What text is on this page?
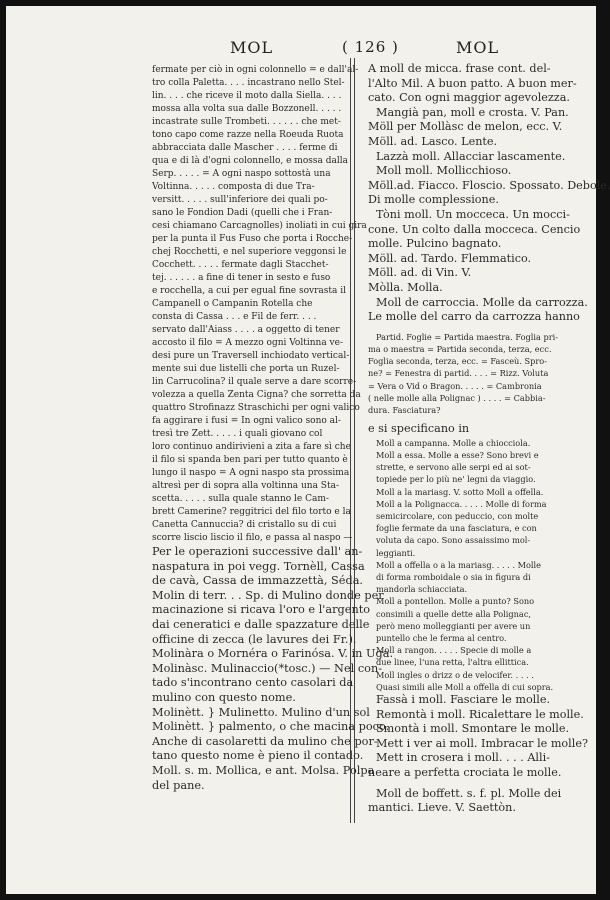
MOL	( 126 )	MOL
fermate per ciò in ogni colonnello = e dall'al-
tro colla Paletta. . . . incastrano nello Stel-
lin. . . . che riceve il moto dalla Siella. . . .
mossa alla volta sua dalle Bozzonell. . . . .
incastrate sulle Trombeti. . . . . . che met-
tono capo come razze nella Roeuda Ruota
abbracciata dalle Mascher . . . . ferme di
qua e di là d'ogni colonnello, e mossa dalla
Serp. . . . . = A ogni naspo sottostà una
Voltinna. . . . . composta di due Tra-
versitt. . . . . sull'inferiore dei quali po-
sano le Fondion Dadi (quelli che i Fran-
cesi chiamano Carcagnolles) inoliati in cui gira
per la punta il Fus Fuso che porta i Rocche-
chej Rocchetti, e nel superiore veggonsi le
Cocchett. . . . . fermate dagli Stacchet-
tej. . . . . . a fine di tener in sesto e fuso
e rocchella, a cui per egual fine sovrasta il
Campanell o Campanin Rotella che
consta di Cassa . . . e Fil de ferr. . . .
servato dall'Aiass . . . . a oggetto di tener
accosto il filo = A mezzo ogni Voltinna ve-
desi pure un Traversell inchiodato vertical-
mente sui due listelli che porta un Ruzel-
lin Carrucolina? il quale serve a dare scorre-
volezza a quella Zenta Cigna? che sorretta da
quattro Strofinazz Straschichi per ogni valico
fa aggirare i fusi = In ogni valico sono al-
tresì tre Zett. . . . . i quali giovano col
loro continuo andirivieni a zita a fare sì che
il filo si spanda ben pari per tutto quanto è
lungo il naspo = A ogni naspo sta prossima
altresì per di sopra alla voltinna una Sta-
scetta. . . . . sulla quale stanno le Cam-
brett Camerine? reggitrici del filo torto e la
Canetta Cannuccia? di cristallo su di cui
scorre liscio liscio il filo, e passa al naspo —
Per le operazioni successive dall' an-
naspatura in poi vegg. Tornèll, Cassa
de cavà, Cassa de immazzettà, Séda.
Molin di terr. . . Sp. di Mulino donde per
macinazione si ricava l'oro e l'argento
dai ceneratici e dalle spazzature delle
officine di zecca (le lavures dei Fr.).
Molinàra o Mornéra o Farinósa. V. in Uga.
Molinàsc. Mulinaccio(*tosc.) — Nel con-
tado s'incontrano cento casolari da
mulino con questo nome.
Molinètt. } Mulinetto. Mulino d'un sol
Molinètt. } palmento, o che macina poco.
Anche di casolaretti da mulino che por-
tano questo nome è pieno il contado.
Moll. s. m. Mollica, e ant. Molsa. Polpa
del pane.
A moll de micca. frase cont. del-
l'Alto Mil. A buon patto. A buon mer-
cato. Con ogni maggior agevolezza.
Mangià pan, moll e crosta. V. Pan.
Möll per Mollàsc de melon, ecc. V.
Möll. ad. Lasco. Lente.
Lazzà moll. Allacciar lascamente.
Moll moll. Mollicchioso.
Möll.ad. Fiacco. Floscio. Spossato. Debole.
Di molle complessione.
Tòni moll. Un mocceca. Un mocci-
cone. Un colto dalla mocceca. Cencio
molle. Pulcino bagnato.
Möll. ad. Tardo. Flemmatico.
Möll. ad. di Vin. V.
Mòlla. Molla.
Moll de carroccia. Molle da carrozza.
Le molle del carro da carrozza hanno

Partid. Foglie = Partida maestra. Foglia pri-
ma o maestra = Partida seconda, terza, ecc.
Foglia seconda, terza, ecc. = Fasceù. Spro-
ne? = Fenestra di partid. . . . = Rizz. Voluta
= Vera o Vid o Bragon. . . . . = Cambronia
( nelle molle alla Polignac ) . . . . = Cabbia-
dura. Fasciatura?

e si specificano in
Moll a campanna. Molle a chiocciola.
Moll a essa. Molle a esse? Sono brevi e
strette, e servono alle serpi ed ai sot-
topiede per lo più ne' legni da viaggio.
Moll a la mariasg. V. sotto Moll a offella.
Moll a la Polignacca. . . . . Molle di forma
semicircolare, con peduccio, con molte
foglie fermate da una fasciatura, e con
voluta da capo. Sono assaissimo mol-
leggianti.
Moll a offella o a la mariasg. . . . . Molle
di forma romboidale o sia in figura di
mandorla schiacciata.
Moll a pontellon. Molle a punto? Sono
consimili a quelle dette alla Polignac,
però meno molleggianti per avere un
puntello che le ferma al centro.
Moll a rangon. . . . . Specie di molle a
due linee, l'una retta, l'altra ellittica.
Moll ingles o drizz o de velocifer. . . . .
Quasi simili alle Moll a offella di cui sopra.
Fassà i moll. Fasciare le molle.
Remontà i moll. Ricalettare le molle.
Smontà i moll. Smontare le molle.
Mett i ver ai moll. Imbracar le molle?
Mett in crosera i moll. . . . Alli-
neare a perfetta crociata le molle.

Moll de boffett. s. f. pl. Molle dei
mantici. Lieve. V. Saettòn.
